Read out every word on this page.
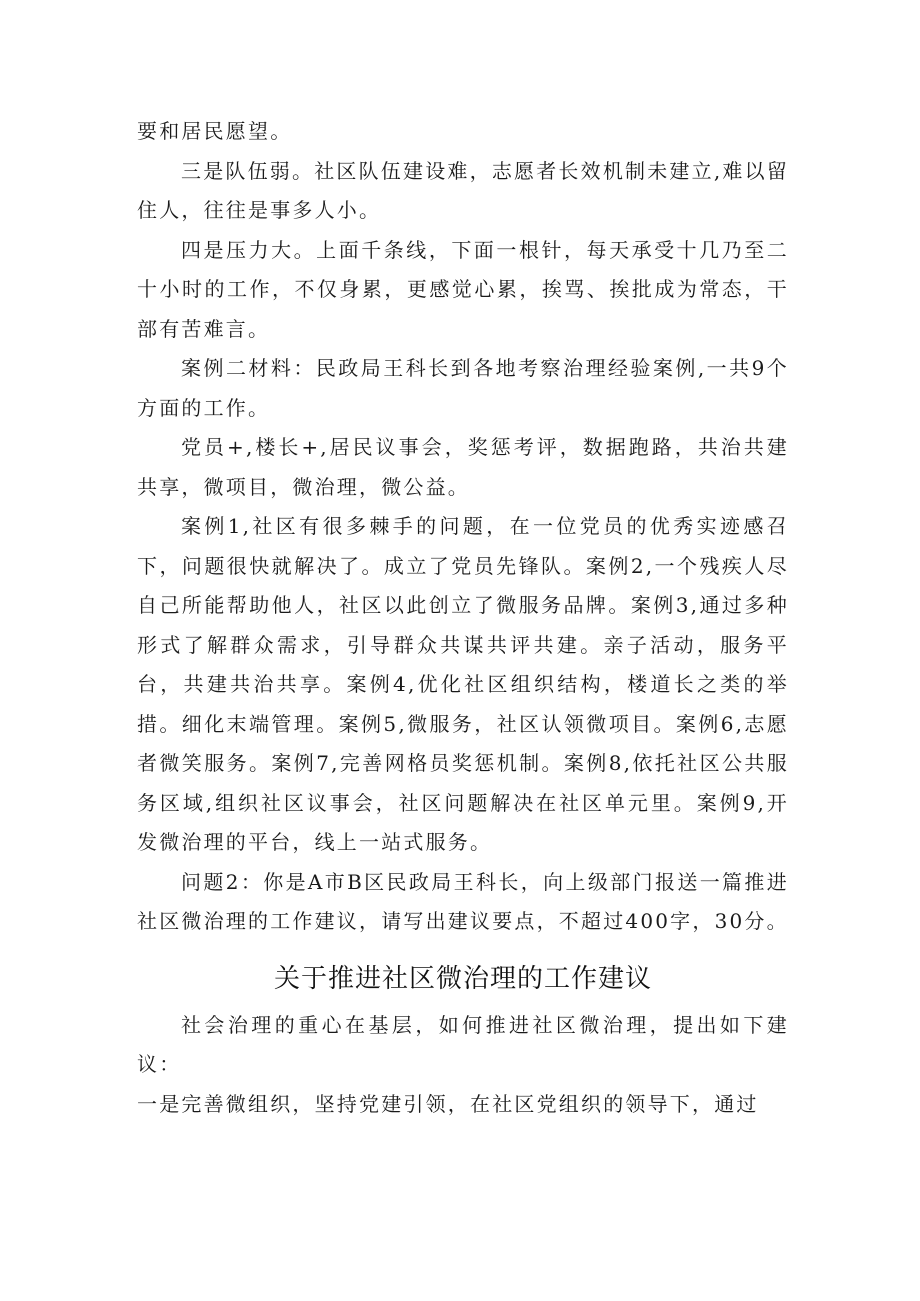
要和居民愿望。

三是队伍弱。社区队伍建设难，志愿者长效机制未建立,难以留住人，往往是事多人小。

四是压力大。上面千条线，下面一根针，每天承受十几乃至二十小时的工作，不仅身累，更感觉心累，挨骂、挨批成为常态，干部有苦难言。

案例二材料：民政局王科长到各地考察治理经验案例,一共9个方面的工作。

党员+,楼长+,居民议事会，奖惩考评，数据跑路，共治共建共享，微项目，微治理，微公益。

案例1,社区有很多棘手的问题，在一位党员的优秀实迹感召下，问题很快就解决了。成立了党员先锋队。案例2,一个残疾人尽自己所能帮助他人，社区以此创立了微服务品牌。案例3,通过多种形式了解群众需求，引导群众共谋共评共建。亲子活动，服务平台，共建共治共享。案例4,优化社区组织结构，楼道长之类的举措。细化末端管理。案例5,微服务，社区认领微项目。案例6,志愿者微笑服务。案例7,完善网格员奖惩机制。案例8,依托社区公共服务区域,组织社区议事会，社区问题解决在社区单元里。案例9,开发微治理的平台，线上一站式服务。

问题2：你是A市B区民政局王科长，向上级部门报送一篇推进社区微治理的工作建议，请写出建议要点，不超过400字，30分。

关于推进社区微治理的工作建议

社会治理的重心在基层，如何推进社区微治理，提出如下建议：

一是完善微组织，坚持党建引领，在社区党组织的领导下，通过
